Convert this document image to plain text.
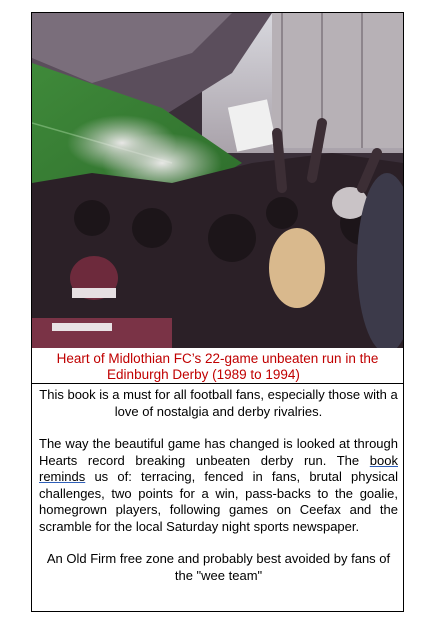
Heart of Midlothian FC’s 22-game unbeaten run in the
Edinburgh Derby (1989 to 1994)

This book is a must for all football fans, especially those with a love of nostalgia and derby rivalries.

The way the beautiful game has changed is looked at through Hearts record breaking unbeaten derby run. The book reminds us of: terracing, fenced in fans, brutal physical challenges, two points for a win, pass-backs to the goalie, homegrown players, following games on Ceefax and the scramble for the local Saturday night sports newspaper.

An Old Firm free zone and probably best avoided by fans of the "wee team"
